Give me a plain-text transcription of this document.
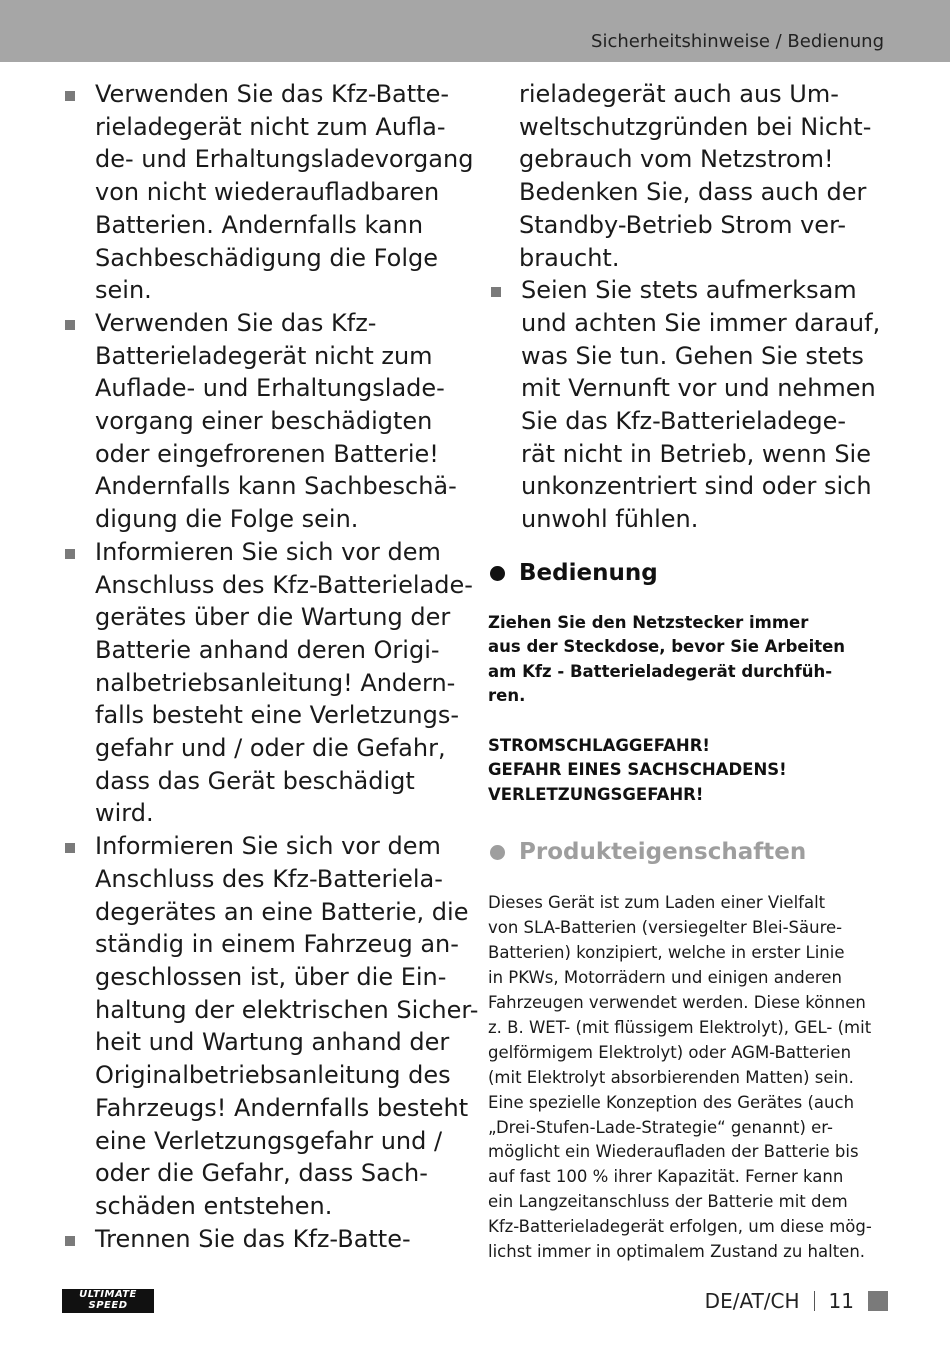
Sicherheitshinweise / Bedienung
Verwenden Sie das Kfz-Batte-
rieladegerät nicht zum Aufla-
de- und Erhaltungsladevorgang
von nicht wiederaufladbaren
Batterien. Andernfalls kann
Sachbeschädigung die Folge
sein.
Verwenden Sie das Kfz-
Batterieladegerät nicht zum
Auflade- und Erhaltungslade-
vorgang einer beschädigten
oder eingefrorenen Batterie!
Andernfalls kann Sachbeschä-
digung die Folge sein.
Informieren Sie sich vor dem
Anschluss des Kfz-Batterielade-
gerätes über die Wartung der
Batterie anhand deren Origi-
nalbetriebsanleitung! Andern-
falls besteht eine Verletzungs-
gefahr und / oder die Gefahr,
dass das Gerät beschädigt
wird.
Informieren Sie sich vor dem
Anschluss des Kfz-Batteriela-
degerätes an eine Batterie, die
ständig in einem Fahrzeug an-
geschlossen ist, über die Ein-
haltung der elektrischen Sicher-
heit und Wartung anhand der
Originalbetriebsanleitung des
Fahrzeugs! Andernfalls besteht
eine Verletzungsgefahr und /
oder die Gefahr, dass Sach-
schäden entstehen.
Trennen Sie das Kfz-Batte-
rieladegerät auch aus Um-
weltschutzgründen bei Nicht-
gebrauch vom Netzstrom!
Bedenken Sie, dass auch der
Standby-Betrieb Strom ver-
braucht.
Seien Sie stets aufmerksam
und achten Sie immer darauf,
was Sie tun. Gehen Sie stets
mit Vernunft vor und nehmen
Sie das Kfz-Batterieladege-
rät nicht in Betrieb, wenn Sie
unkonzentriert sind oder sich
unwohl fühlen.
Bedienung
Ziehen Sie den Netzstecker immer
aus der Steckdose, bevor Sie Arbeiten
am Kfz - Batterieladegerät durchfüh-
ren.
STROMSCHLAGGEFAHR!
GEFAHR EINES SACHSCHADENS!
VERLETZUNGSGEFAHR!
Produkteigenschaften
Dieses Gerät ist zum Laden einer Vielfalt
von SLA-Batterien (versiegelter Blei-Säure-
Batterien) konzipiert, welche in erster Linie
in PKWs, Motorrädern und einigen anderen
Fahrzeugen verwendet werden. Diese können
z. B. WET- (mit flüssigem Elektrolyt), GEL- (mit
gelförmigem Elektrolyt) oder AGM-Batterien
(mit Elektrolyt absorbierenden Matten) sein.
Eine spezielle Konzeption des Gerätes (auch
„Drei-Stufen-Lade-Strategie“ genannt) er-
möglicht ein Wiederaufladen der Batterie bis
auf fast 100 % ihrer Kapazität. Ferner kann
ein Langzeitanschluss der Batterie mit dem
Kfz-Batterieladegerät erfolgen, um diese mög-
lichst immer in optimalem Zustand zu halten.
ULTIMATE
SPEED	DE/AT/CH 11
